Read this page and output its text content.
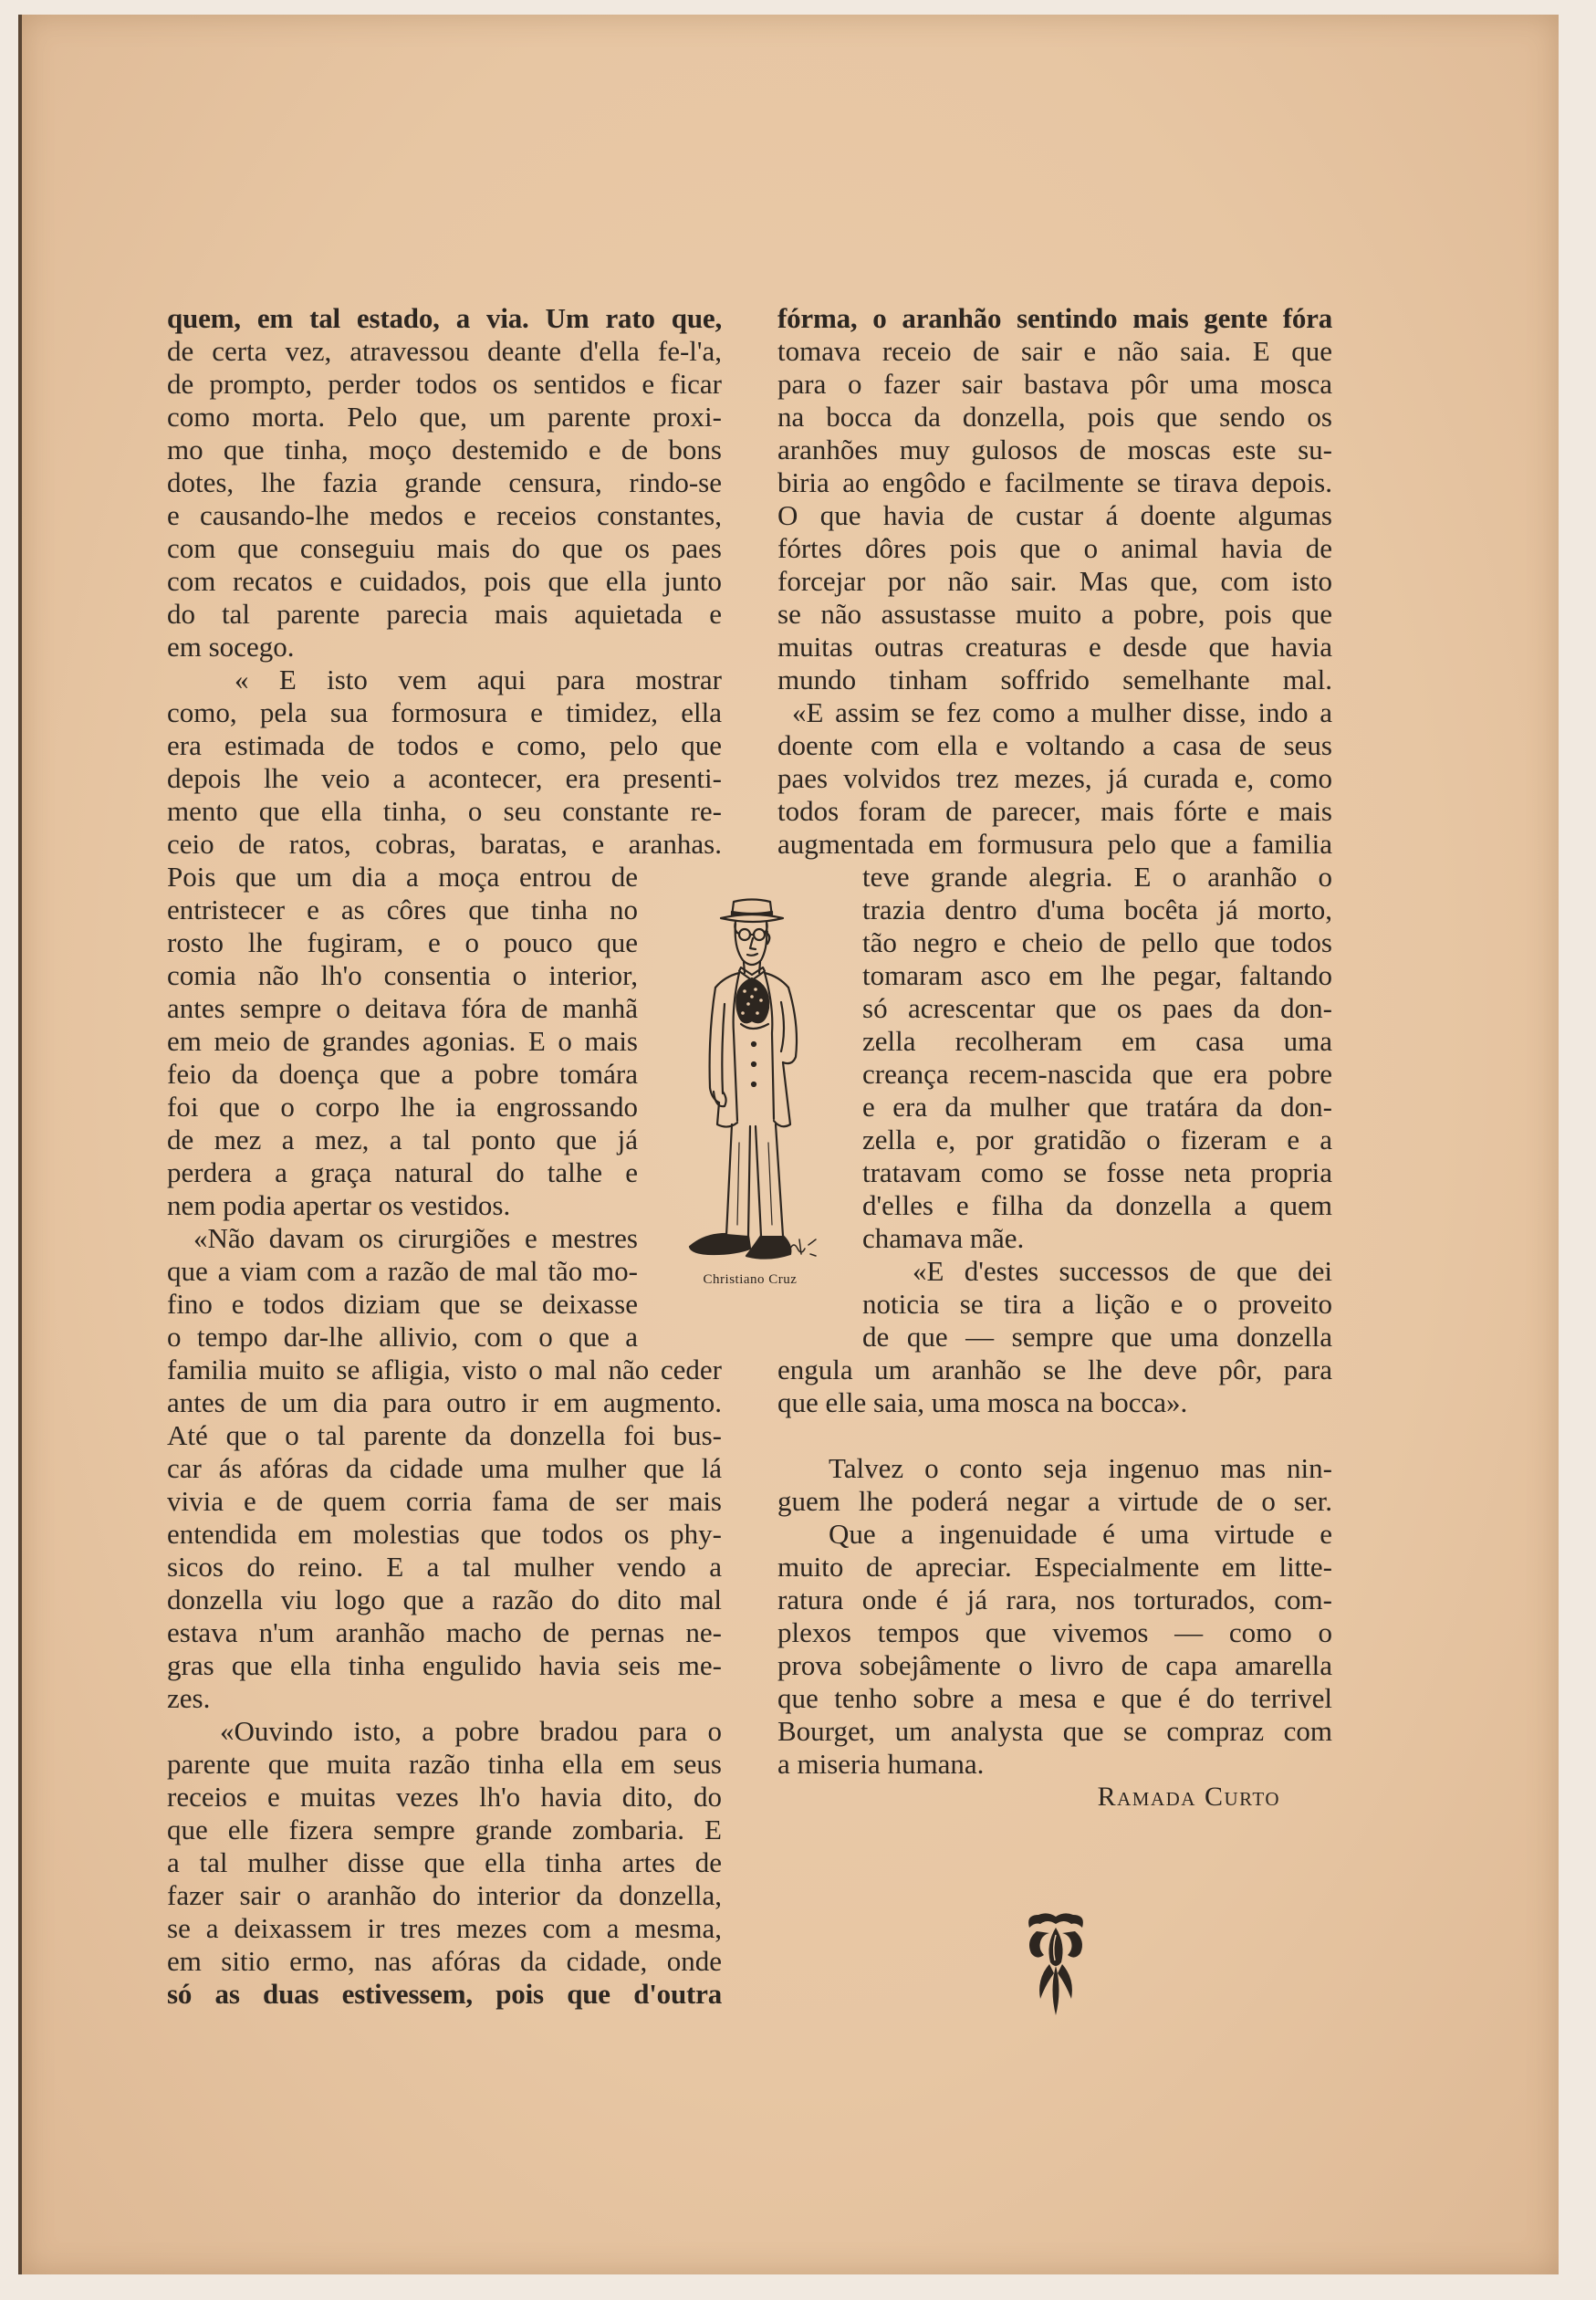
quem, em tal estado, a via. Um rato que,
de certa vez, atravessou deante d'ella fe-l'a,
de prompto, perder todos os sentidos e ficar
como morta. Pelo que, um parente proxi-
mo que tinha, moço destemido e de bons
dotes, lhe fazia grande censura, rindo-se
e causando-lhe medos e receios constantes,
com que conseguiu mais do que os paes
com recatos e cuidados, pois que ella junto
do tal parente parecia mais aquietada e
em socego.
« E isto vem aqui para mostrar
como, pela sua formosura e timidez, ella
era estimada de todos e como, pelo que
depois lhe veio a acontecer, era presenti-
mento que ella tinha, o seu constante re-
ceio de ratos, cobras, baratas, e aranhas.
Pois que um dia a moça entrou de
entristecer e as côres que tinha no
rosto lhe fugiram, e o pouco que
comia não lh'o consentia o interior,
antes sempre o deitava fóra de manhã
em meio de grandes agonias. E o mais
feio da doença que a pobre tomára
foi que o corpo lhe ia engrossando
de mez a mez, a tal ponto que já
perdera a graça natural do talhe e
nem podia apertar os vestidos.
«Não davam os cirurgiões e mestres
que a viam com a razão de mal tão mo-
fino e todos diziam que se deixasse
o tempo dar-lhe allivio, com o que a
familia muito se afligia, visto o mal não ceder
antes de um dia para outro ir em augmento.
Até que o tal parente da donzella foi bus-
car ás afóras da cidade uma mulher que lá
vivia e de quem corria fama de ser mais
entendida em molestias que todos os phy-
sicos do reino. E a tal mulher vendo a
donzella viu logo que a razão do dito mal
estava n'um aranhão macho de pernas ne-
gras que ella tinha engulido havia seis me-
zes.
«Ouvindo isto, a pobre bradou para o
parente que muita razão tinha ella em seus
receios e muitas vezes lh'o havia dito, do
que elle fizera sempre grande zombaria. E
a tal mulher disse que ella tinha artes de
fazer sair o aranhão do interior da donzella,
se a deixassem ir tres mezes com a mesma,
em sitio ermo, nas afóras da cidade, onde
só as duas estivessem, pois que d'outra
fórma, o aranhão sentindo mais gente fóra
tomava receio de sair e não saia. E que
para o fazer sair bastava pôr uma mosca
na bocca da donzella, pois que sendo os
aranhões muy gulosos de moscas este su-
biria ao engôdo e facilmente se tirava depois.
O que havia de custar á doente algumas
fórtes dôres pois que o animal havia de
forcejar por não sair. Mas que, com isto
se não assustasse muito a pobre, pois que
muitas outras creaturas e desde que havia
mundo tinham soffrido semelhante mal.
«E assim se fez como a mulher disse, indo a
doente com ella e voltando a casa de seus
paes volvidos trez mezes, já curada e, como
todos foram de parecer, mais fórte e mais
augmentada em formusura pelo que a familia
teve grande alegria. E o aranhão o
trazia dentro d'uma bocêta já morto,
tão negro e cheio de pello que todos
tomaram asco em lhe pegar, faltando
só acrescentar que os paes da don-
zella recolheram em casa uma
creança recem-nascida que era pobre
e era da mulher que tratára da don-
zella e, por gratidão o fizeram e a
tratavam como se fosse neta propria
d'elles e filha da donzella a quem
chamava mãe.
«E d'estes successos de que dei
noticia se tira a lição e o proveito
de que — sempre que uma donzella
engula um aranhão se lhe deve pôr, para
que elle saia, uma mosca na bocca».
Talvez o conto seja ingenuo mas nin-
guem lhe poderá negar a virtude de o ser.
Que a ingenuidade é uma virtude e
muito de apreciar. Especialmente em litte-
ratura onde é já rara, nos torturados, com-
plexos tempos que vivemos — como o
prova sobejâmente o livro de capa amarella
que tenho sobre a mesa e que é do terrivel
Bourget, um analysta que se compraz com
a miseria humana.
Ramada Curto
Christiano Cruz
